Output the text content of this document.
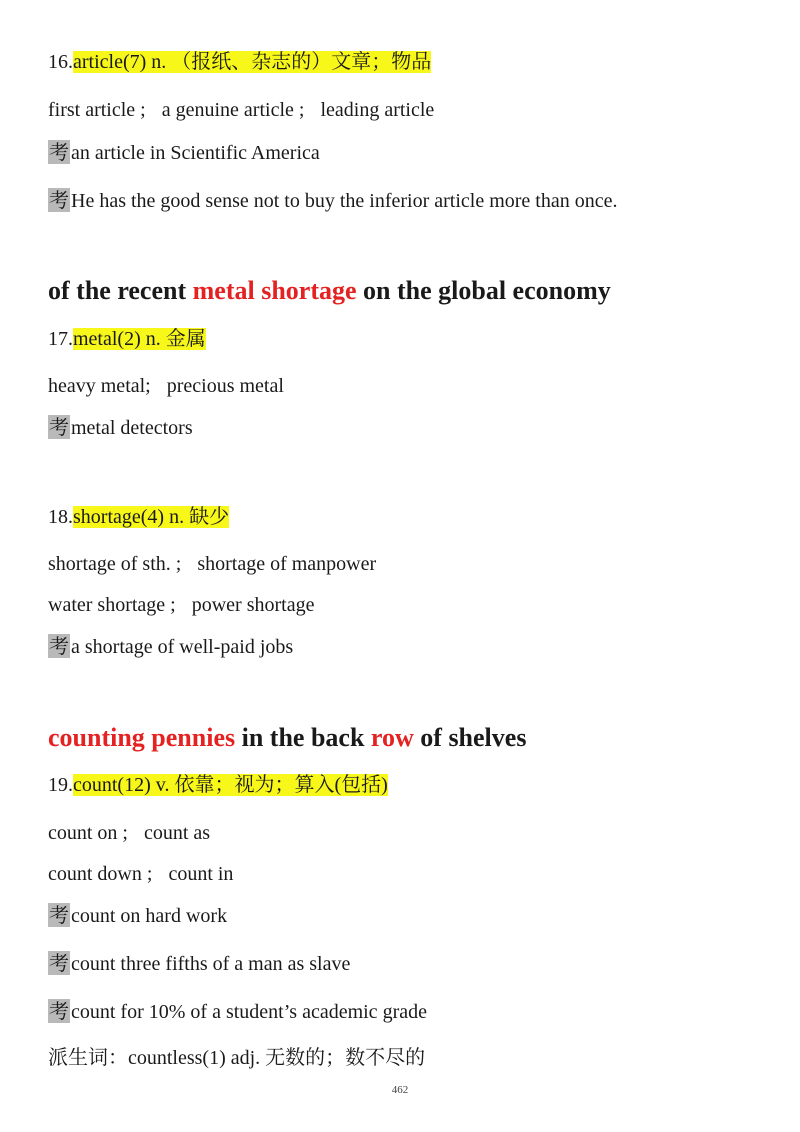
16.article(7) n. （报纸、杂志的）文章；物品
first article ; a genuine article ; leading article
考 an article in Scientific America
考 He has the good sense not to buy the inferior article more than once.
of the recent metal shortage on the global economy
17.metal(2) n. 金属
heavy metal; precious metal
考 metal detectors
18.shortage(4) n. 缺少
shortage of sth. ; shortage of manpower
water shortage ; power shortage
考 a shortage of well-paid jobs
counting pennies in the back row of shelves
19.count(12) v. 依靠；视为；算入(包括)
count on ; count as
count down ; count in
考 count on hard work
考 count three fifths of a man as slave
考 count for 10% of a student’s academic grade
派生词：countless(1) adj. 无数的；数不尽的
462
